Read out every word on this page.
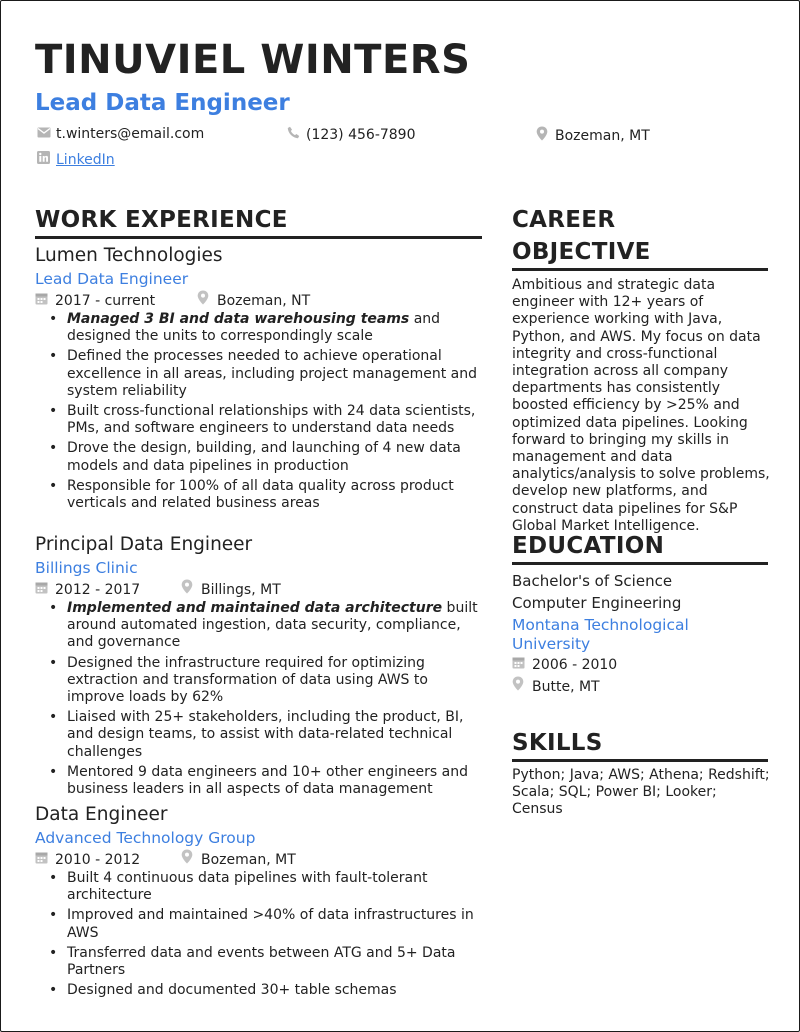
TINUVIEL WINTERS
Lead Data Engineer
t.winters@email.com	(123) 456-7890	Bozeman, MT
LinkedIn
WORK EXPERIENCE
Lumen Technologies
Lead Data Engineer
2017 - current	Bozeman, NT
• Managed 3 BI and data warehousing teams and designed the units to correspondingly scale
• Defined the processes needed to achieve operational excellence in all areas, including project management and system reliability
• Built cross-functional relationships with 24 data scientists, PMs, and software engineers to understand data needs
• Drove the design, building, and launching of 4 new data models and data pipelines in production
• Responsible for 100% of all data quality across product verticals and related business areas
Principal Data Engineer
Billings Clinic
2012 - 2017	Billings, MT
• Implemented and maintained data architecture built around automated ingestion, data security, compliance, and governance
• Designed the infrastructure required for optimizing extraction and transformation of data using AWS to improve loads by 62%
• Liaised with 25+ stakeholders, including the product, BI, and design teams, to assist with data-related technical challenges
• Mentored 9 data engineers and 10+ other engineers and business leaders in all aspects of data management
Data Engineer
Advanced Technology Group
2010 - 2012	Bozeman, MT
• Built 4 continuous data pipelines with fault-tolerant architecture
• Improved and maintained >40% of data infrastructures in AWS
• Transferred data and events between ATG and 5+ Data Partners
• Designed and documented 30+ table schemas
CAREER
OBJECTIVE
Ambitious and strategic data engineer with 12+ years of experience working with Java, Python, and AWS. My focus on data integrity and cross-functional integration across all company departments has consistently boosted efficiency by >25% and optimized data pipelines. Looking forward to bringing my skills in management and data analytics/analysis to solve problems, develop new platforms, and construct data pipelines for S&P Global Market Intelligence.
EDUCATION
Bachelor's of Science
Computer Engineering
Montana Technological University
2006 - 2010
Butte, MT
SKILLS
Python; Java; AWS; Athena; Redshift; Scala; SQL; Power BI; Looker; Census
